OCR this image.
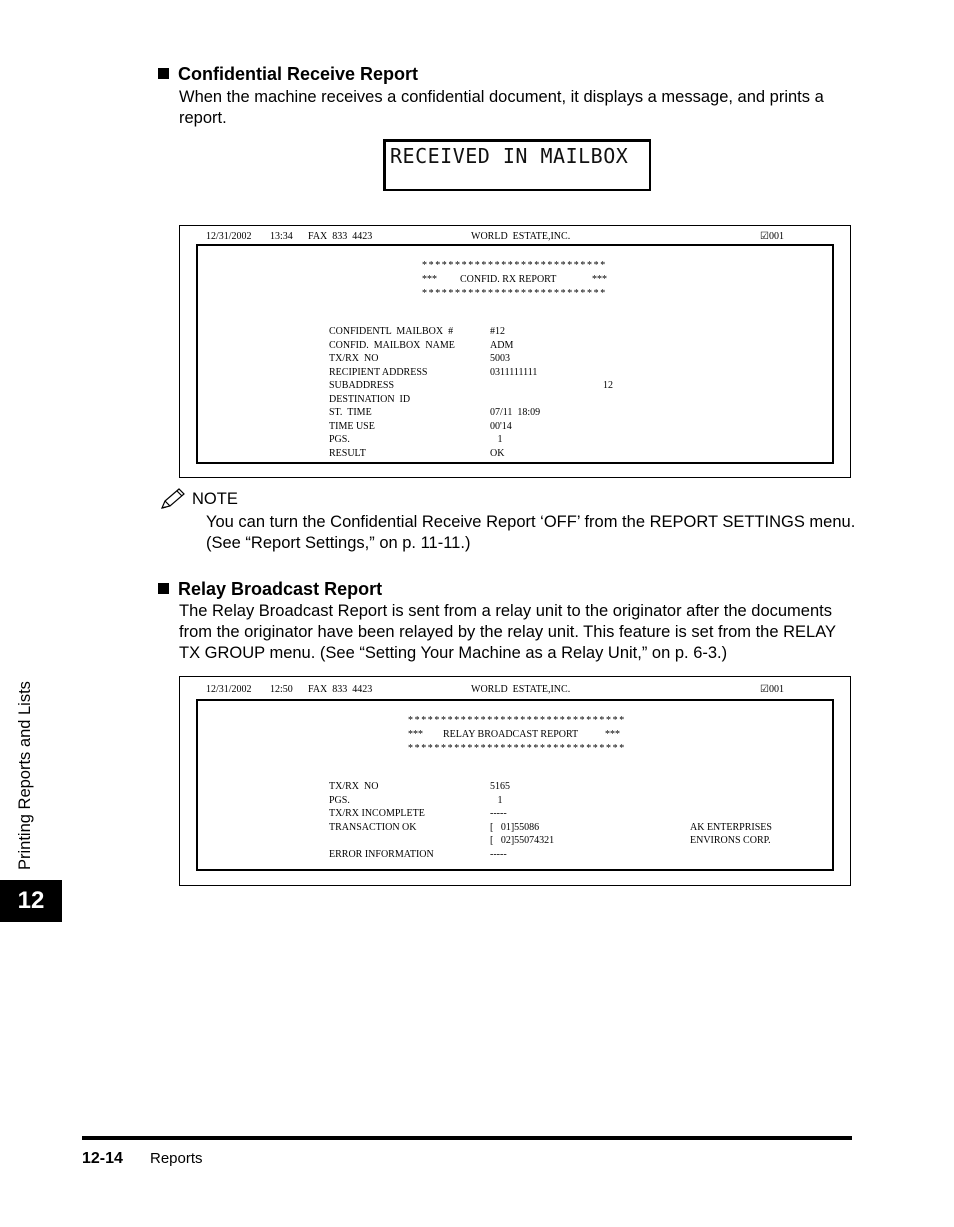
Confidential Receive Report
When the machine receives a confidential document, it displays a message, and prints a report.
RECEIVED IN MAILBOX
12/31/2002 13:34 FAX  833  4423	WORLD  ESTATE,INC.	☑001
****************************
*** CONFID. RX REPORT	***
****************************
CONFIDENTL  MAILBOX  #	#12
CONFID.  MAILBOX  NAME	ADM
TX/RX  NO	5003
RECIPIENT ADDRESS	0311111111
SUBADDRESS	12
DESTINATION  ID
ST.  TIME	07/11  18:09
TIME USE	00'14
PGS.	1
RESULT	OK
NOTE
You can turn the Confidential Receive Report ‘OFF’ from the REPORT SETTINGS menu.
(See “Report Settings,” on p. 11-11.)
Relay Broadcast Report
The Relay Broadcast Report is sent from a relay unit to the originator after the documents
from the originator have been relayed by the relay unit. This feature is set from the RELAY
TX GROUP menu. (See “Setting Your Machine as a Relay Unit,” on p. 6-3.)
12/31/2002 12:50 FAX  833  4423	WORLD  ESTATE,INC.	☑001
*********************************
*** RELAY BROADCAST REPORT	***
*********************************
TX/RX  NO	5165
PGS.	1
TX/RX INCOMPLETE	-----
TRANSACTION OK	[   01]55086	AK ENTERPRISES
[   02]55074321	ENVIRONS CORP.
ERROR INFORMATION	-----
Printing Reports and Lists
12
12-14 Reports
